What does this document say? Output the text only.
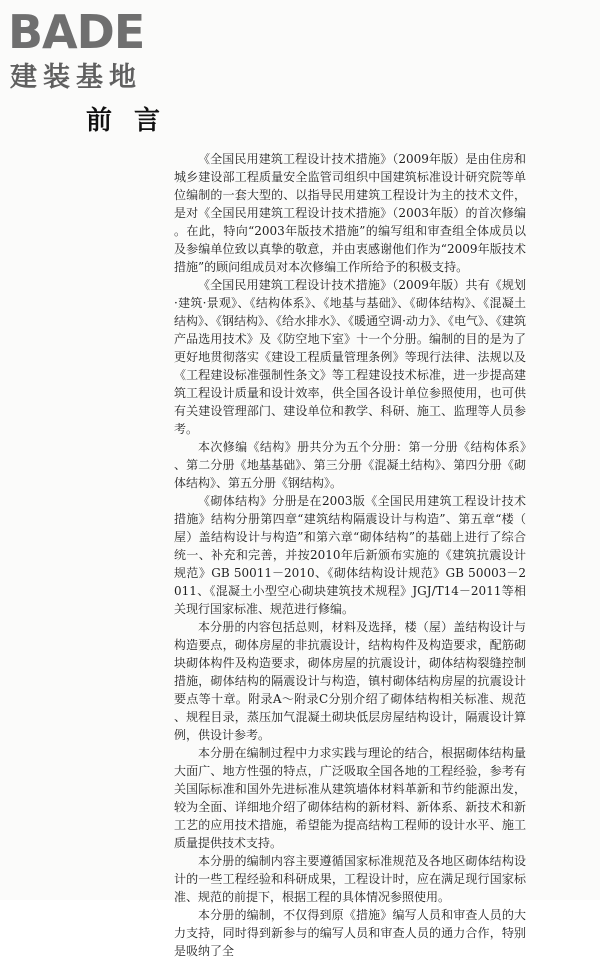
BADE
建装基地
前言

《全国民用建筑工程设计技术措施》（2009年版）是由住房和城乡建设部工程质量安全监管司组织中国建筑标准设计研究院等单位编制的一套大型的、以指导民用建筑工程设计为主的技术文件，是对《全国民用建筑工程设计技术措施》（2003年版）的首次修编。在此，特向“2003年版技术措施”的编写组和审查组全体成员以及参编单位致以真挚的敬意，并由衷感谢他们作为“2009年版技术措施”的顾问组成员对本次修编工作所给予的积极支持。

《全国民用建筑工程设计技术措施》（2009年版）共有《规划·建筑·景观》、《结构体系》、《地基与基础》、《砌体结构》、《混凝土结构》、《钢结构》、《给水排水》、《暖通空调·动力》、《电气》、《建筑产品选用技术》及《防空地下室》十一个分册。编制的目的是为了更好地贯彻落实《建设工程质量管理条例》等现行法律、法规以及《工程建设标准强制性条文》等工程建设技术标准，进一步提高建筑工程设计质量和设计效率，供全国各设计单位参照使用，也可供有关建设管理部门、建设单位和教学、科研、施工、监理等人员参考。

本次修编《结构》册共分为五个分册：第一分册《结构体系》、第二分册《地基基础》、第三分册《混凝土结构》、第四分册《砌体结构》、第五分册《钢结构》。

《砌体结构》分册是在2003版《全国民用建筑工程设计技术措施》结构分册第四章“建筑结构隔震设计与构造”、第五章“楼（屋）盖结构设计与构造”和第六章“砌体结构”的基础上进行了综合统一、补充和完善，并按2010年后新颁布实施的《建筑抗震设计规范》GB 50011－2010、《砌体结构设计规范》GB 50003－2011、《混凝土小型空心砌块建筑技术规程》JGJ/T14－2011等相关现行国家标准、规范进行修编。

本分册的内容包括总则，材料及选择，楼（屋）盖结构设计与构造要点，砌体房屋的非抗震设计，结构构件及构造要求，配筋砌块砌体构件及构造要求，砌体房屋的抗震设计，砌体结构裂缝控制措施，砌体结构的隔震设计与构造，镇村砌体结构房屋的抗震设计要点等十章。附录A～附录C分别介绍了砌体结构相关标准、规范、规程目录，蒸压加气混凝土砌块低层房屋结构设计，隔震设计算例，供设计参考。

本分册在编制过程中力求实践与理论的结合，根据砌体结构量大面广、地方性强的特点，广泛吸取全国各地的工程经验，参考有关国际标准和国外先进标准从建筑墙体材料革新和节约能源出发，较为全面、详细地介绍了砌体结构的新材料、新体系、新技术和新工艺的应用技术措施，希望能为提高结构工程师的设计水平、施工质量提供技术支持。

本分册的编制内容主要遵循国家标准规范及各地区砌体结构设计的一些工程经验和科研成果，工程设计时，应在满足现行国家标准、规范的前提下，根据工程的具体情况参照使用。

本分册的编制，不仅得到原《措施》编写人员和审查人员的大力支持，同时得到新参与的编写人员和审查人员的通力合作，特别是吸纳了全
